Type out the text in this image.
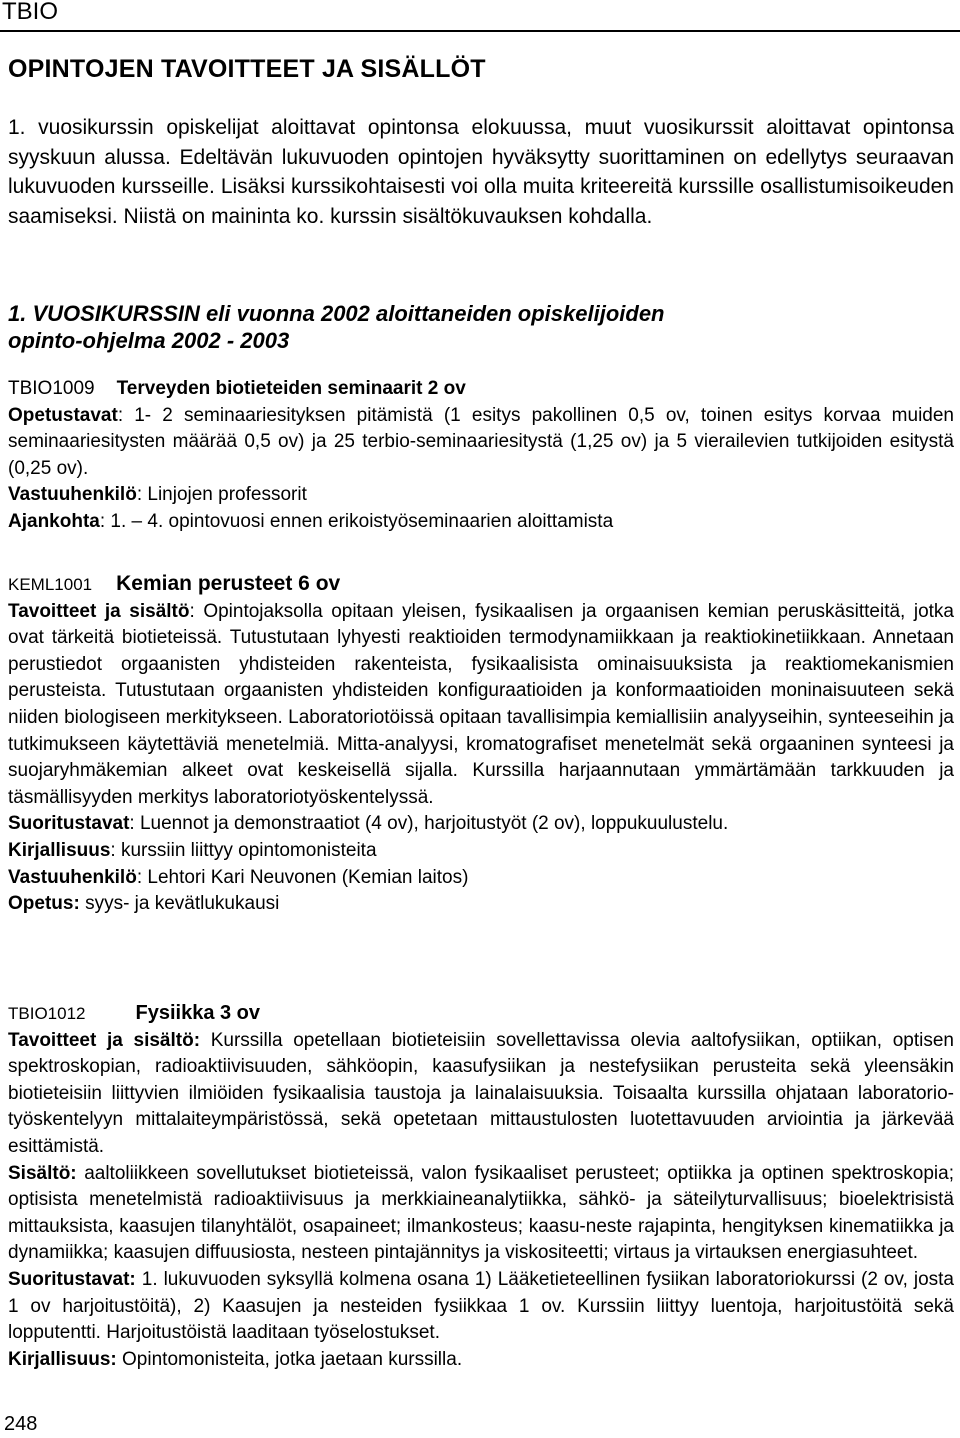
TBIO
OPINTOJEN TAVOITTEET JA SISÄLLÖT

1. vuosikurssin opiskelijat aloittavat opintonsa elokuussa, muut vuosikurssit aloittavat opintonsa syyskuun alussa. Edeltävän lukuvuoden opintojen hyväksytty suorittaminen on edellytys seuraavan lukuvuoden kursseille. Lisäksi kurssikohtaisesti voi olla muita kriteereitä kurssille osallistumisoikeuden saamiseksi. Niistä on maininta ko. kurssin sisältökuvauksen kohdalla.

1. VUOSIKURSSIN eli vuonna 2002 aloittaneiden opiskelijoiden
opinto-ohjelma 2002 - 2003
TBIO1009 Terveyden biotieteiden seminaarit 2 ov
Opetustavat: 1- 2 seminaariesityksen pitämistä (1 esitys pakollinen 0,5 ov, toinen esitys korvaa muiden seminaariesitysten määrää 0,5 ov) ja 25 terbio-seminaariesitystä (1,25 ov) ja 5 vierailevien tutkijoiden esitystä (0,25 ov).
Vastuuhenkilö: Linjojen professorit
Ajankohta: 1. – 4. opintovuosi ennen erikoistyöseminaarien aloittamista
KEML1001 Kemian perusteet 6 ov
Tavoitteet ja sisältö: Opintojaksolla opitaan yleisen, fysikaalisen ja orgaanisen kemian peruskäsitteitä, jotka ovat tärkeitä biotieteissä. Tutustutaan lyhyesti reaktioiden termodynamiikkaan ja reaktiokinetiikkaan. Annetaan perustiedot orgaanisten yhdisteiden rakenteista, fysikaalisista ominaisuuksista ja reaktiomekanismien perusteista. Tutustutaan orgaanisten yhdisteiden konfiguraatioiden ja konformaatioiden moninaisuuteen sekä niiden biologiseen merkitykseen. Laboratoriotöissä opitaan tavallisimpia kemiallisiin analyyseihin, synteeseihin ja tutkimukseen käytettäviä menetelmiä. Mitta-analyysi, kromatografiset menetelmät sekä orgaaninen synteesi ja suojaryhmäkemian alkeet ovat keskeisellä sijalla. Kurssilla harjaannutaan ymmärtämään tarkkuuden ja täsmällisyyden merkitys laboratoriotyöskentelyssä.
Suoritustavat: Luennot ja demonstraatiot (4 ov), harjoitustyöt (2 ov), loppukuulustelu.
Kirjallisuus: kurssiin liittyy opintomonisteita
Vastuuhenkilö: Lehtori Kari Neuvonen (Kemian laitos)
Opetus: syys- ja kevätlukukausi
TBIO1012	Fysiikka 3 ov
Tavoitteet ja sisältö: Kurssilla opetellaan biotieteisiin sovellettavissa olevia aaltofysiikan, optiikan, optisen spektroskopian, radioaktiivisuuden, sähköopin, kaasufysiikan ja nestefysiikan perusteita sekä yleensäkin biotieteisiin liittyvien ilmiöiden fysikaalisia taustoja ja lainalaisuuksia. Toisaalta kurssilla ohjataan laboratorio-työskentelyyn mittalaiteympäristössä, sekä opetetaan mittaustulosten luotettavuuden arviointia ja järkevää esittämistä.
Sisältö: aaltoliikkeen sovellutukset biotieteissä, valon fysikaaliset perusteet; optiikka ja optinen spektroskopia; optisista menetelmistä radioaktiivisuus ja merkkiaineanalytiikka, sähkö- ja säteilyturvallisuus; bioelektrisistä mittauksista, kaasujen tilanyhtälöt, osapaineet; ilmankosteus; kaasu-neste rajapinta, hengityksen kinematiikka ja dynamiikka; kaasujen diffuusiosta, nesteen pintajännitys ja viskositeetti; virtaus ja virtauksen energiasuhteet.
Suoritustavat: 1. lukuvuoden syksyllä kolmena osana 1) Lääketieteellinen fysiikan laboratoriokurssi (2 ov, josta 1 ov harjoitustöitä), 2) Kaasujen ja nesteiden fysiikkaa 1 ov. Kurssiin liittyy luentoja, harjoitustöitä sekä lopputentti. Harjoitustöistä laaditaan työselostukset.
Kirjallisuus: Opintomonisteita, jotka jaetaan kurssilla.
248
